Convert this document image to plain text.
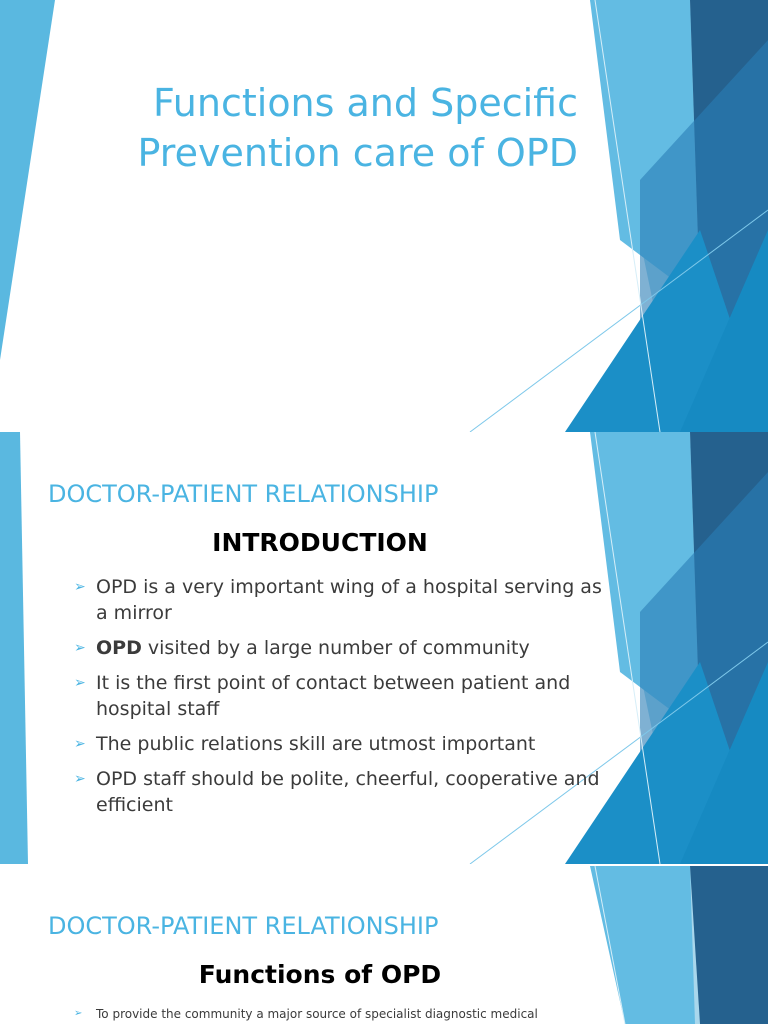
Functions and Specific
Prevention care of OPD
DOCTOR-PATIENT RELATIONSHIP
INTRODUCTION
➢ OPD is a very important wing of a hospital serving as a mirror
➢ OPD visited by a large number of community
➢ It is the first point of contact between patient and hospital staff
➢ The public relations skill are utmost important
➢ OPD staff should be polite, cheerful, cooperative and efficient
DOCTOR-PATIENT RELATIONSHIP
Functions of OPD
➢ To provide the community a major source of specialist diagnostic medical
